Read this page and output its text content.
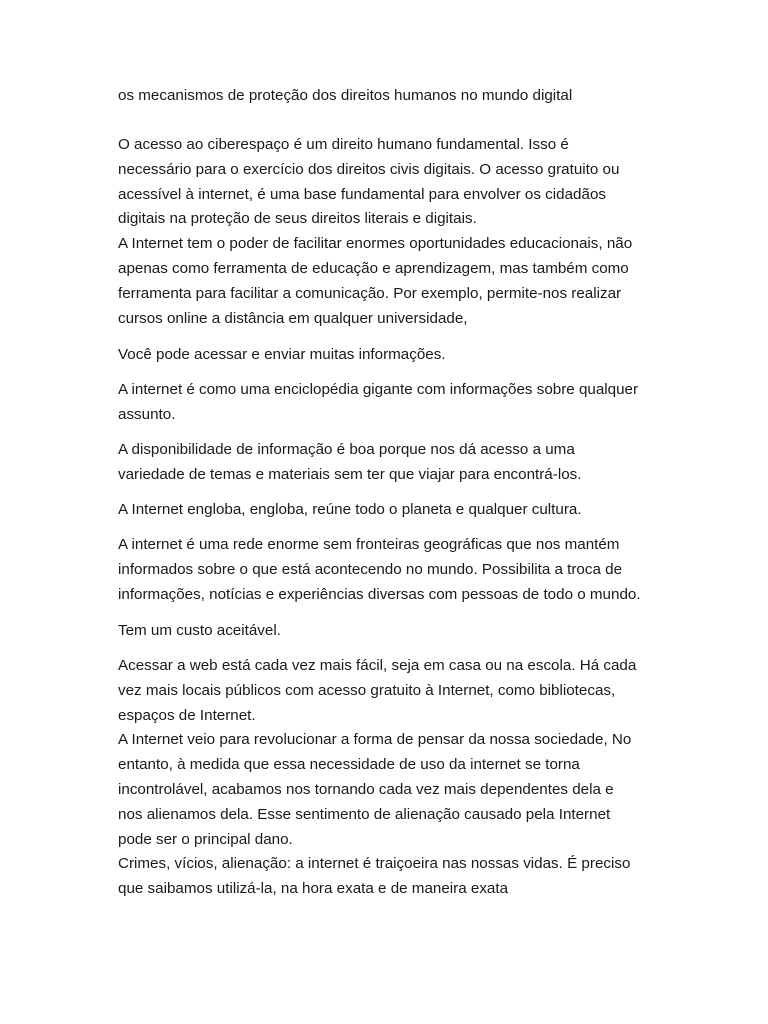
os mecanismos de proteção dos direitos humanos no mundo digital

O acesso ao ciberespaço é um direito humano fundamental. Isso é
necessário para o exercício dos direitos civis digitais. O acesso gratuito ou
acessível à internet, é uma base fundamental para envolver os cidadãos
digitais na proteção de seus direitos literais e digitais.

A Internet tem o poder de facilitar enormes oportunidades educacionais, não
apenas como ferramenta de educação e aprendizagem, mas também como
ferramenta para facilitar a comunicação. Por exemplo, permite-nos realizar
cursos online a distância em qualquer universidade,

Você pode acessar e enviar muitas informações.

A internet é como uma enciclopédia gigante com informações sobre qualquer
assunto.

A disponibilidade de informação é boa porque nos dá acesso a uma
variedade de temas e materiais sem ter que viajar para encontrá-los.

A Internet engloba, engloba, reúne todo o planeta e qualquer cultura.

A internet é uma rede enorme sem fronteiras geográficas que nos mantém
informados sobre o que está acontecendo no mundo. Possibilita a troca de
informações, notícias e experiências diversas com pessoas de todo o mundo.

Tem um custo aceitável.

Acessar a web está cada vez mais fácil, seja em casa ou na escola. Há cada
vez mais locais públicos com acesso gratuito à Internet, como bibliotecas,
espaços de Internet.

A Internet veio para revolucionar a forma de pensar da nossa sociedade, No
entanto, à medida que essa necessidade de uso da internet se torna
incontrolável, acabamos nos tornando cada vez mais dependentes dela e
nos alienamos dela. Esse sentimento de alienação causado pela Internet
pode ser o principal dano.

Crimes, vícios, alienação: a internet é traiçoeira nas nossas vidas. É preciso
que saibamos utilizá-la, na hora exata e de maneira exata
